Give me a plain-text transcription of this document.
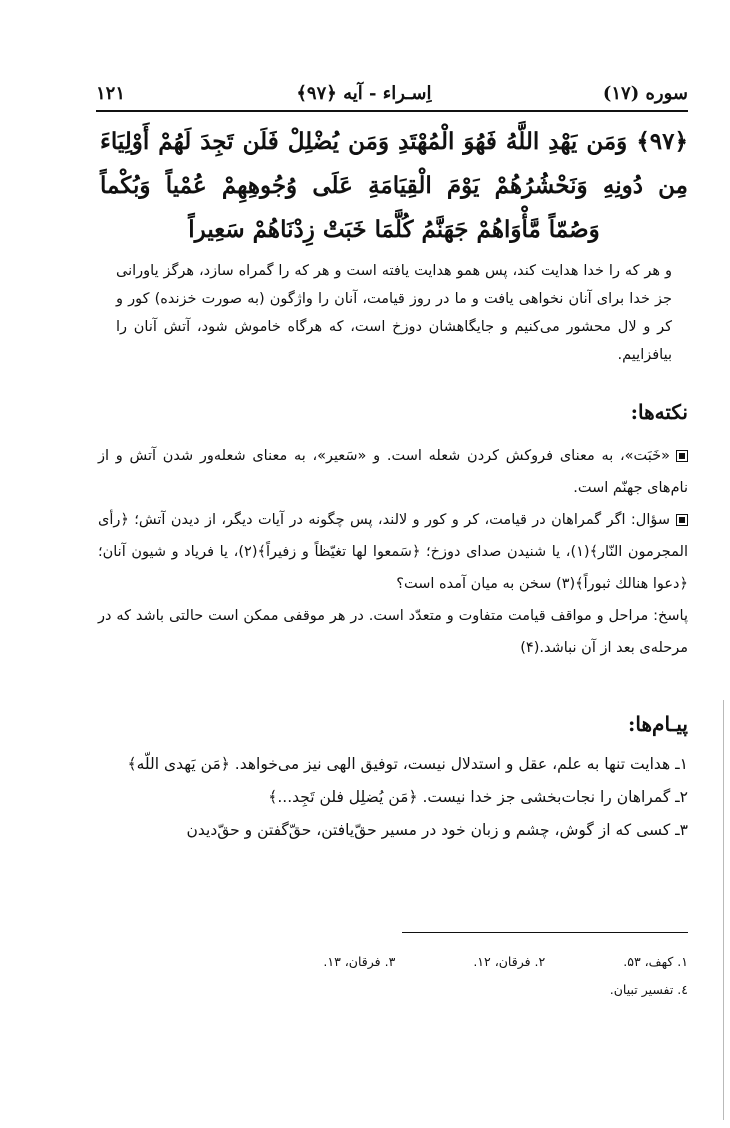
سوره (۱۷)
اِسـراء - آیه ﴿۹۷﴾
۱۲۱
﴿۹۷﴾ وَمَن يَهْدِ اللَّهُ فَهُوَ الْمُهْتَدِ وَمَن يُضْلِلْ فَلَن تَجِدَ لَهُمْ أَوْلِيَاءَ مِن دُونِهِ وَنَحْشُرُهُمْ يَوْمَ الْقِيَامَةِ عَلَى وُجُوهِهِمْ عُمْياً وَبُكْماً وَصُمّاً مَّأْوَاهُمْ جَهَنَّمُ كُلَّمَا خَبَتْ زِدْنَاهُمْ سَعِيراً
و هر كه را خدا هدايت كند، پس همو هدايت يافته است و هر كه را گمراه سازد، هرگز ياورانى جز خدا براى آنان نخواهى يافت و ما در روز قيامت، آنان را واژگون (به صورت خزنده) كور و كر و لال محشور مى‌كنيم و جايگاهشان دوزخ است، كه هرگاه خاموش شود، آتش آنان را بيافزاييم.
نكته‌ها:

«خَبَت»، به معناى فروكش كردن شعله است. و «سَعير»، به معناى شعله‌ور شدن آتش و از نام‌هاى جهنّم است.

سؤال: اگر گمراهان در قيامت، كر و كور و لالند، پس چگونه در آيات ديگر، از ديدن آتش؛ ﴿رأى المجرمون النّار﴾(۱)، يا شنيدن صداى دوزخ؛ ﴿سَمعوا لها تغيّظاً و زفيراً﴾(۲)، يا فرياد و شيون آنان؛ ﴿دعوا هنالك ثبوراً﴾(۳) سخن به ميان آمده است؟

پاسخ: مراحل و مواقف قيامت متفاوت و متعدّد است. در هر موقفى ممكن است حالتى باشد كه در مرحله‌ى بعد از آن نباشد.(۴)

پيـام‌ها:

۱ـ هدايت تنها به علم، عقل و استدلال نيست، توفيق الهى نيز مى‌خواهد. ﴿مَن يَهدى اللّه﴾

۲ـ گمراهان را نجات‌بخشى جز خدا نيست. ﴿مَن يُضلِل فلن تَجِد...﴾

۳ـ كسى كه از گوش، چشم و زبان خود در مسير حقّ‌يافتن، حقّ‌گفتن و حقّ‌ديدن

۱. كهف، ۵۳.
۲. فرقان، ۱۲.
۳. فرقان، ۱۳.
٤. تفسير تبيان.
